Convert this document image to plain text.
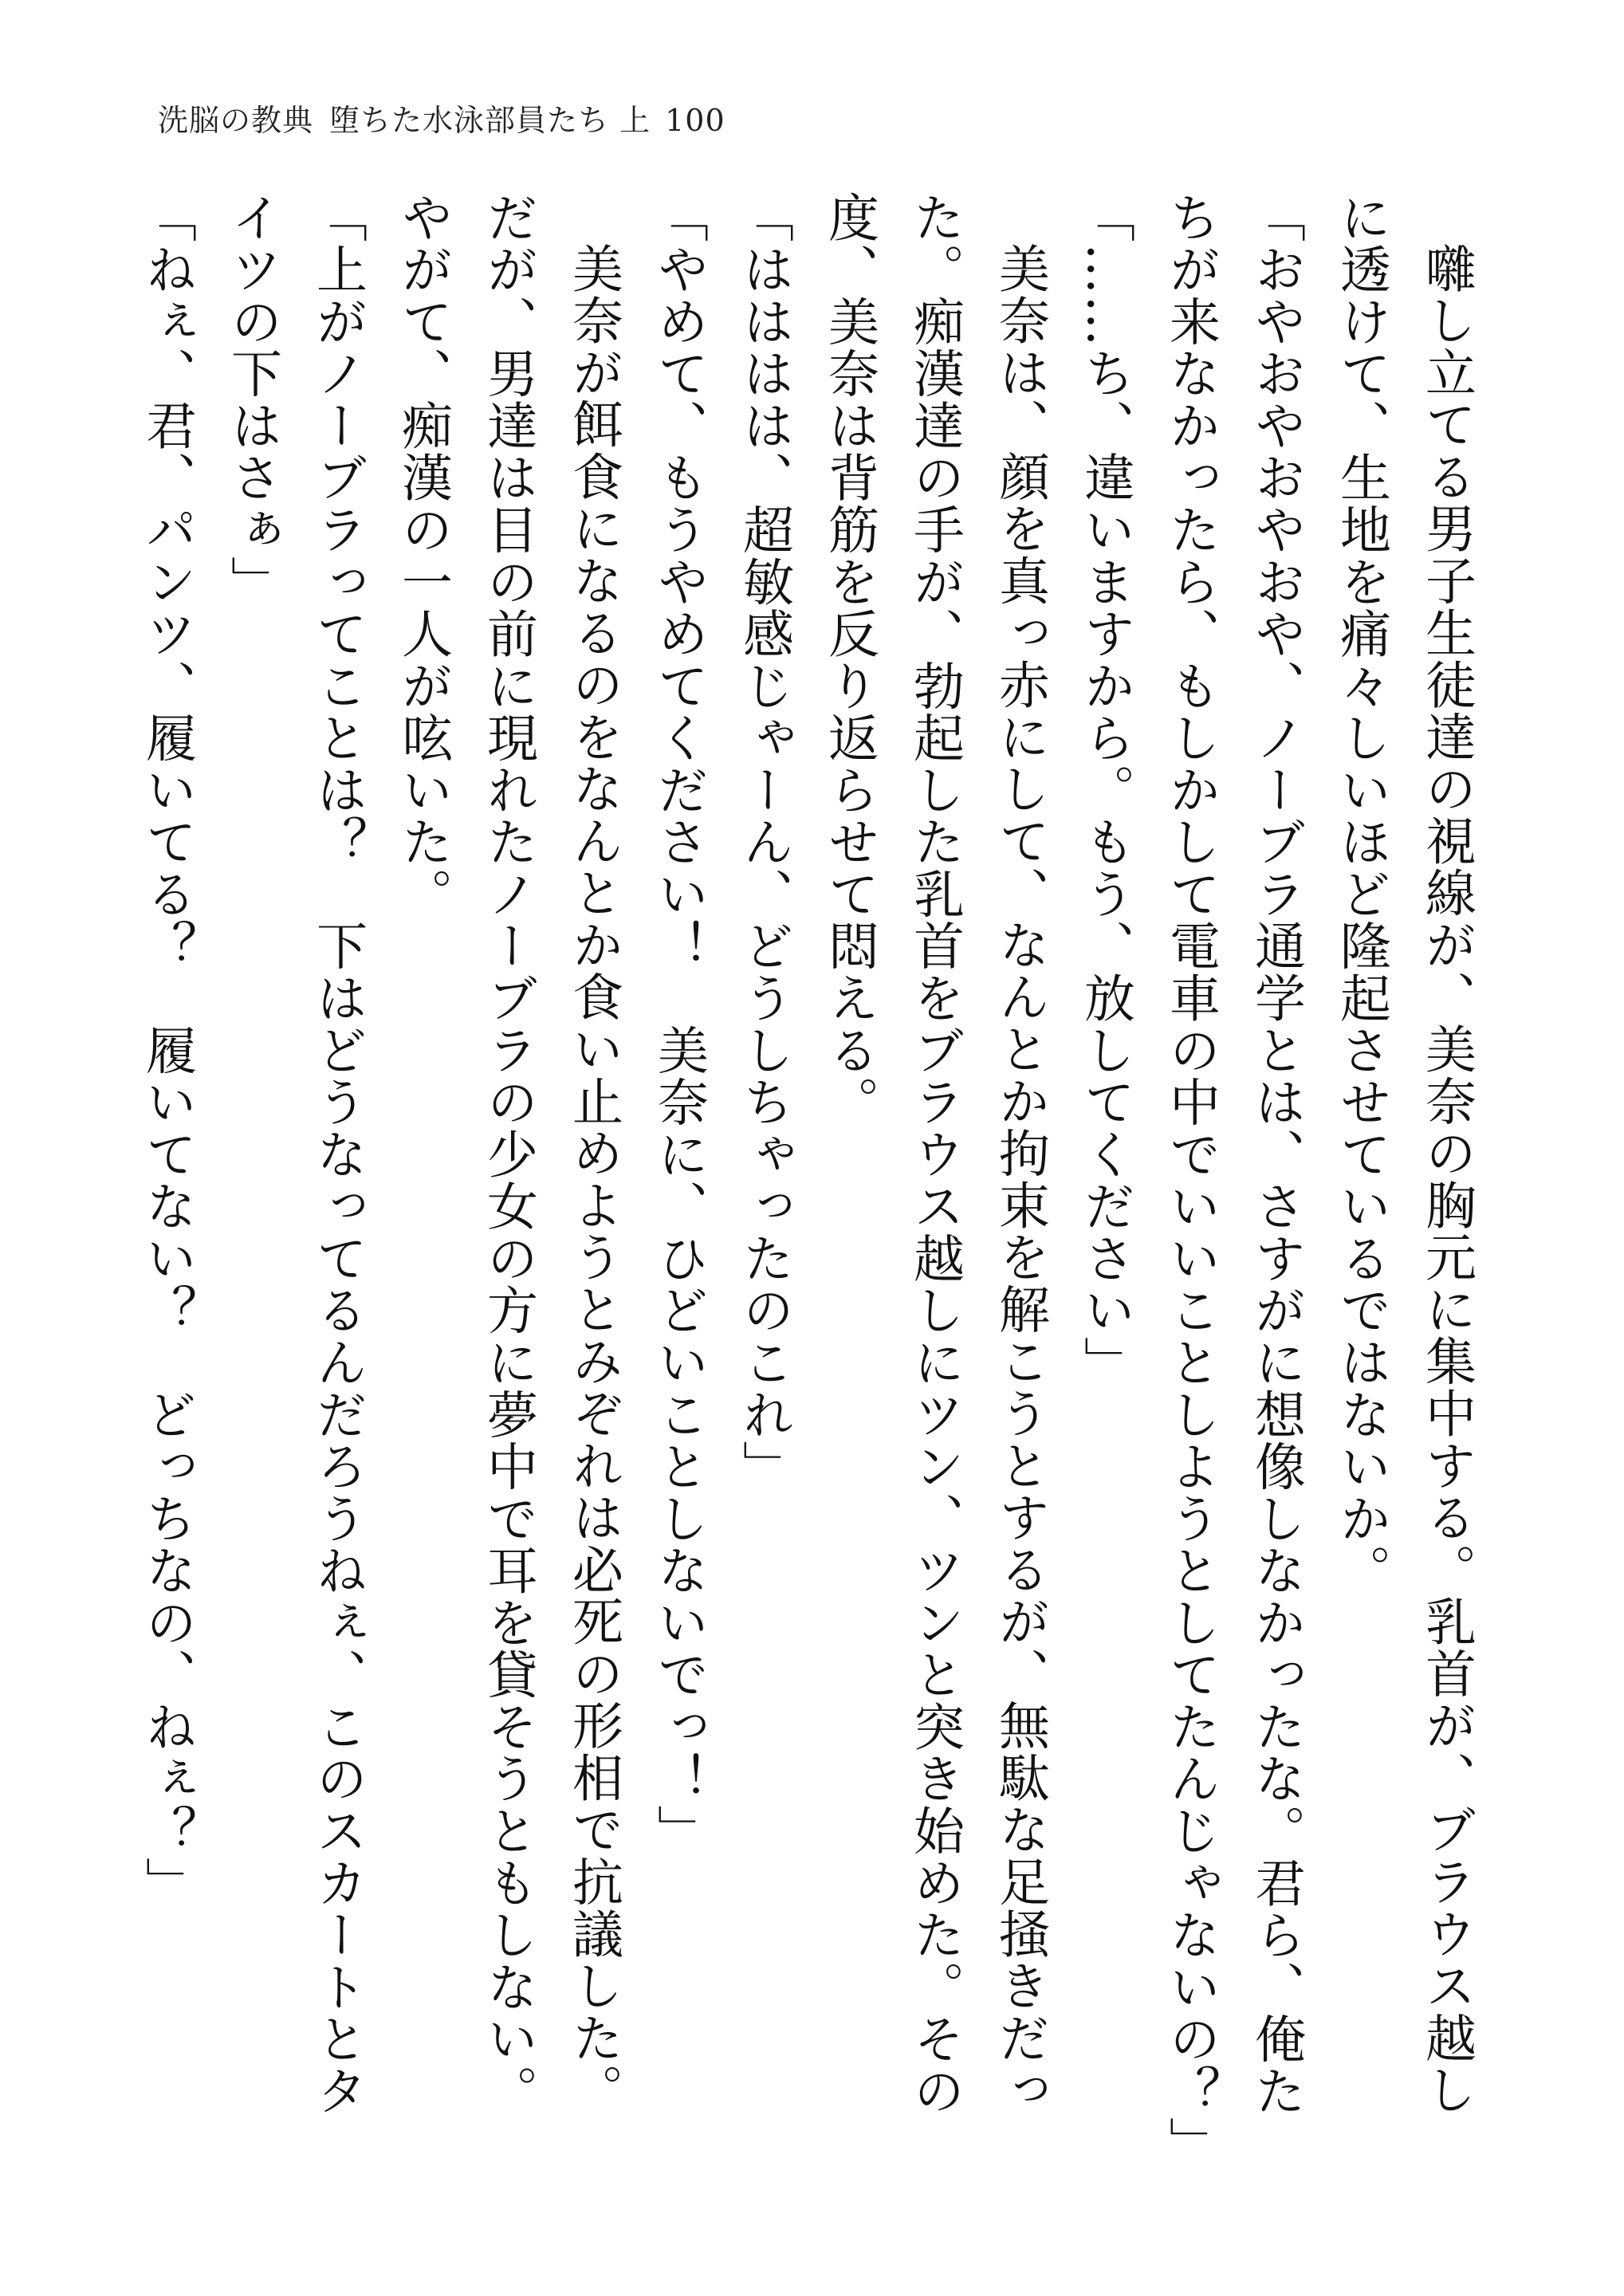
洗脳の教典 堕ちた水泳部員たち 上 100

囃し立てる男子生徒達の視線が、美奈の胸元に集中する。乳首が、ブラウス越しに透けて、生地を痛々しいほど隆起させているではないか。

「おやおやおやおや、ノーブラ通学とは、さすがに想像しなかったな。君ら、俺たちが来なかったら、もしかして電車の中でいいことしようとしてたんじゃないの？」

「……ち、違いますから。もう、放してください」

美奈は、顔を真っ赤にして、なんとか拘束を解こうとするが、無駄な足掻きだった。痴漢達の手が、勃起した乳首をブラウス越しにツン、ツンと突き始めた。その度、美奈は背筋を反り返らせて悶える。

「はははは、超敏感じゃーん、どうしちゃったのこれ」

「やめて、もうやめてください！　美奈に、ひどいことしないでっ！」

美奈が餌食になるのをなんとか食い止めようとみぞれは必死の形相で抗議した。だが、男達は目の前に現れたノーブラの少女の方に夢中で耳を貸そうともしない。やがて、痴漢の一人が呟いた。

「上がノーブラってことは？　下はどうなってるんだろうねぇ、このスカートとタイツの下はさぁ」

「ねぇ、君、パンツ、履いてる？　履いてない？　どっちなの、ねぇ？」
